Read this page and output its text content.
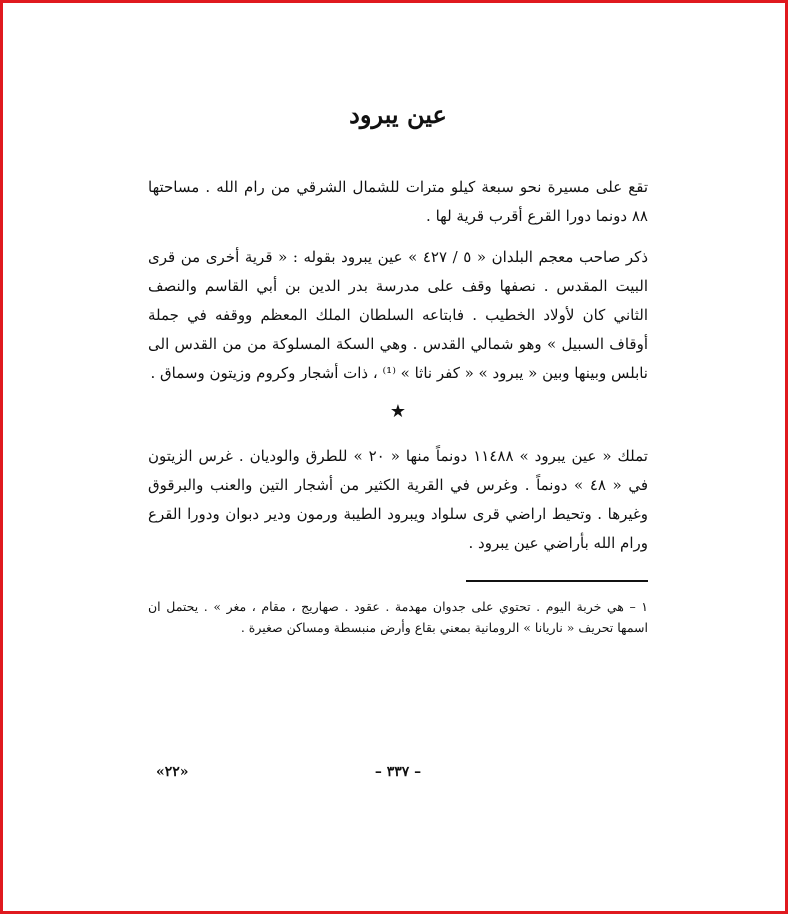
عين يبرود

تقع على مسيرة نحو سبعة كيلو مترات للشمال الشرقي من رام الله . مساحتها ٨٨ دونما دورا القرع أقرب قرية لها .

ذكر صاحب معجم البلدان « ٥ / ٤٢٧ » عين يبرود بقوله : « قرية أخرى من قرى البيت المقدس . نصفها وقف على مدرسة بدر الدين بن أبي القاسم والنصف الثاني كان لأولاد الخطيب . فابتاعه السلطان الملك المعظم ووقفه في جملة أوقاف السبيل » وهو شمالي القدس . وهي السكة المسلوكة من من القدس الى نابلس وبينها وبين « يبرود » « كفر ناثا » ⁽¹⁾ ، ذات أشجار وكروم وزيتون وسماق .

★

تملك « عين يبرود » ١١٤٨٨ دونماً منها « ٢٠ » للطرق والوديان . غرس الزيتون في « ٤٨ » دونماً . وغرس في القرية الكثير من أشجار التين والعنب والبرقوق وغيرها . وتحيط اراضي قرى سلواد ويبرود الطيبة ورمون ودير دبوان ودورا القرع ورام الله بأراضي عين يبرود .

١ – هي خربة اليوم . تحتوي على جدوان مهدمة . عقود . صهاريج ، مقام ، مغر » . يحتمل ان اسمها تحريف « ناريانا » الرومانية بمعني بقاع وأرض منبسطة ومساكن صغيرة .

– ٣٣٧ –
«٢٢»
